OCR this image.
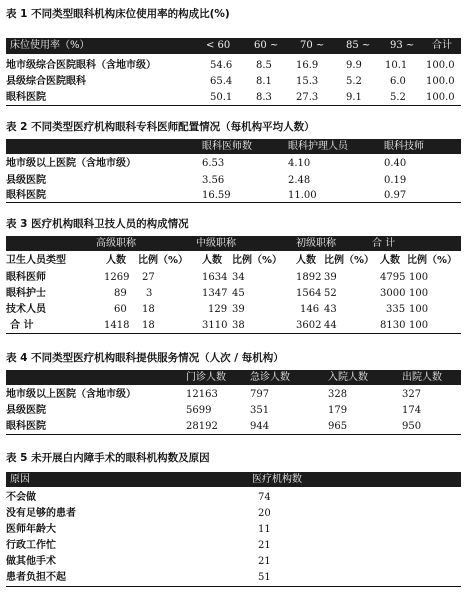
表 1 不同类型眼科机构床位使用率的构成比(%)
床位使用率（%）	< 60 60 ~ 70 ~ 85 ~ 93 ~ 合计
地市级综合医院眼科（含地市级）	54.6 8.5 16.9	9.9 10.1 100.0
县级综合医院眼科	65.4 8.1 15.3	5.2	6.0 100.0
眼科医院	50.1 8.3 27.3	9.1	5.2 100.0
表 2 不同类型医疗机构眼科专科医师配置情况（每机构平均人数）
眼科医师数	眼科护理人员	眼科技师
地市级以上医院（含地市级）	6.53	4.10	0.40
县级医院	3.56	2.48	0.19
眼科医院	16.59	11.00	0.97
表 3 医疗机构眼科卫技人员的构成情况
高级职称	中级职称	初级职称	合 计
卫生人员类型	人数 比例（%） 人数 比例（%） 人数 比例（%） 人数 比例（%）
眼科医师	1269 27	1634 34	1892 39	4795 100
眼科护士	89 3	1347 45	1564 52	3000 100
技术人员	60 18	129 39	146 43	335 100
合 计	1418 18	3110 38	3602 44	8130 100
表 4 不同类型医疗机构眼科提供服务情况（人次 / 每机构）
门诊人数 急诊人数	入院人数	出院人数
地市级以上医院（含地市级）	12163	797	328	327
县级医院	5699	351	179	174
眼科医院	28192	944	965	950
表 5 未开展白内障手术的眼科机构数及原因
原因	医疗机构数
不会做	74
没有足够的患者	20
医师年龄大	11
行政工作忙	21
做其他手术	21
患者负担不起	51
